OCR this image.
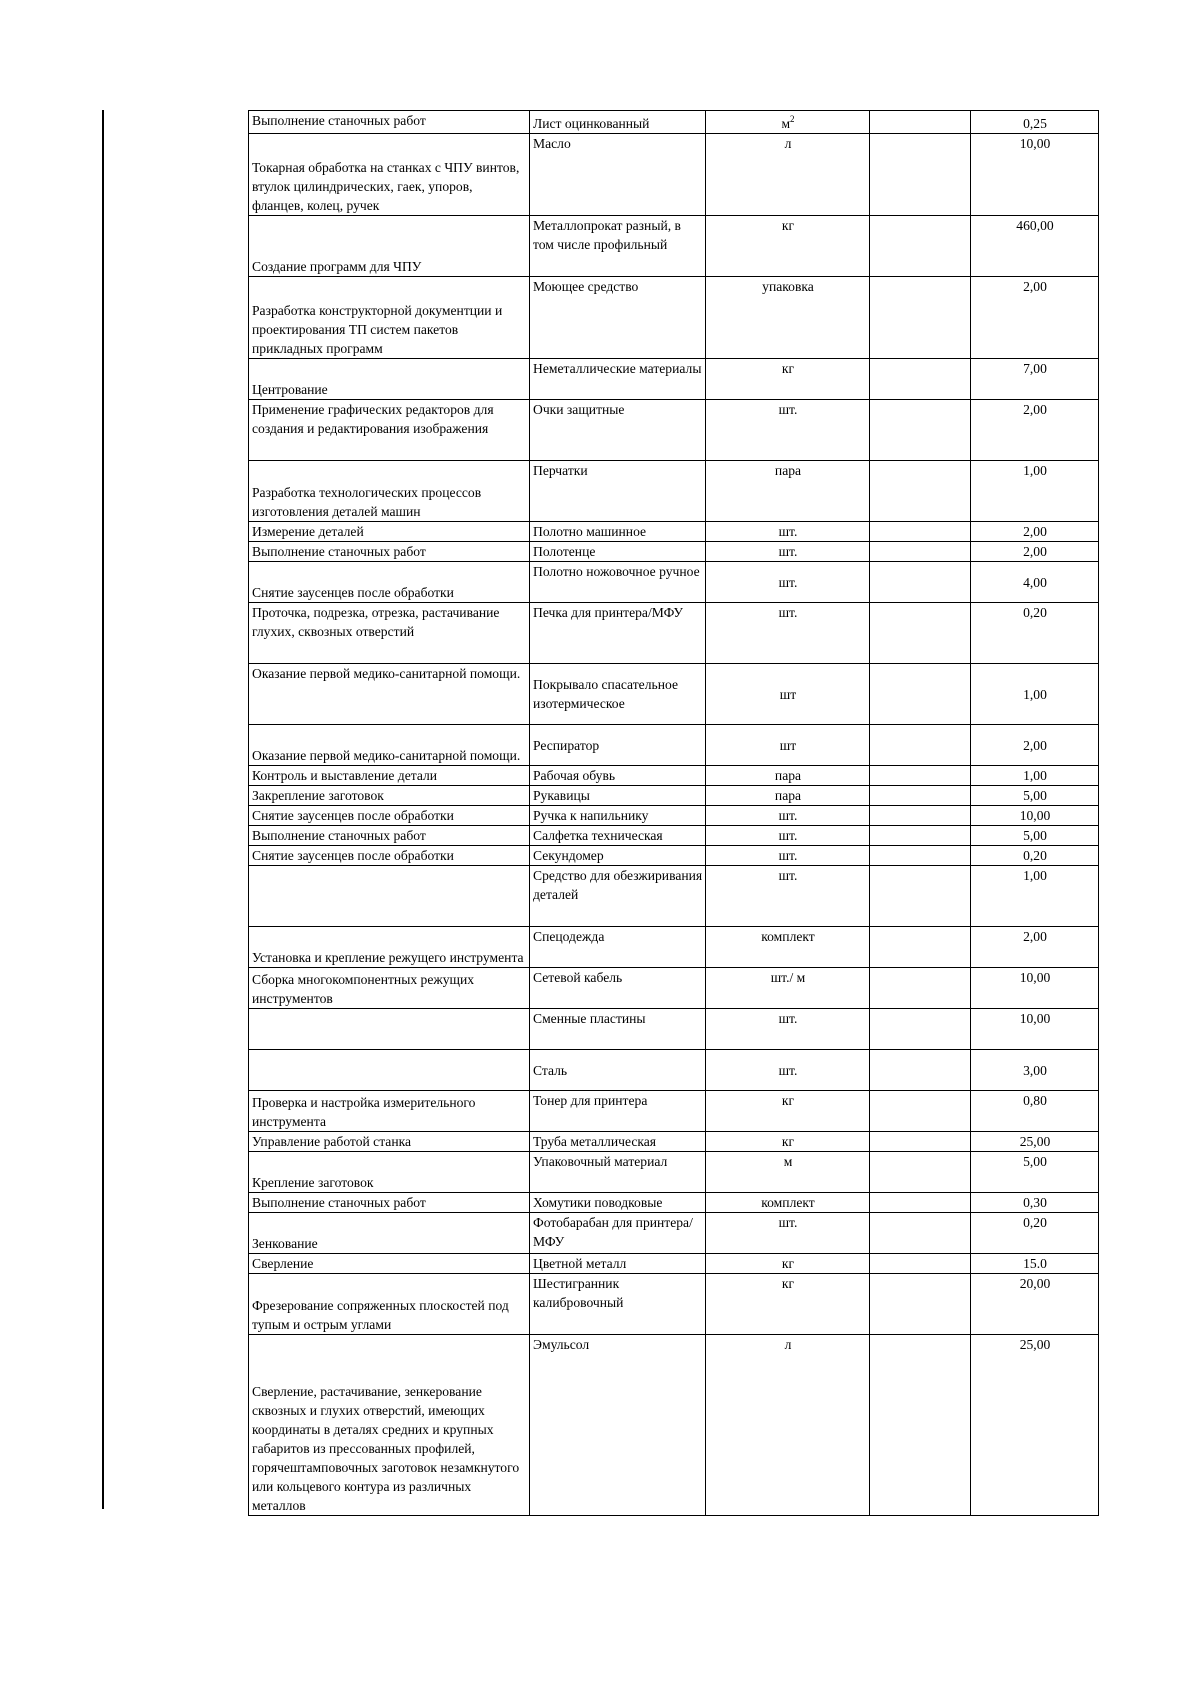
Выполнение станочных работ	Лист оцинкованный	$м^2$		0,25
Токарная обработка на станках с ЧПУ винтов, втулок цилиндрических, гаек, упоров, фланцев, колец, ручек	Масло	л		10,00
Создание программ для ЧПУ	Металлопрокат разный, в том числе профильный	кг		460,00
Разработка конструкторной документции и проектирования ТП систем пакетов прикладных программ	Моющее средство	упаковка		2,00
Центрование	Неметаллические материалы	кг		7,00
Применение графических редакторов для создания и редактирования изображения	Очки защитные	шт.		2,00
Разработка технологических процессов изготовления деталей машин	Перчатки	пара		1,00
Измерение деталей	Полотно машинное	шт.		2,00
Выполнение станочных работ	Полотенце	шт.		2,00
Снятие заусенцев после обработки	Полотно ножовочное ручное	шт.		4,00
Проточка, подрезка, отрезка, растачивание глухих, сквозных отверстий	Печка для принтера/МФУ	шт.		0,20
Оказание первой медико-санитарной помощи.	Покрывало спасательное изотермическое	шт		1,00
Оказание первой медико-санитарной помощи.	Респиратор	шт		2,00
Контроль и выставление детали	Рабочая обувь	пара		1,00
Закрепление заготовок	Рукавицы	пара		5,00
Снятие заусенцев после обработки	Ручка к напильнику	шт.		10,00
Выполнение станочных работ	Салфетка техническая	шт.		5,00
Снятие заусенцев после обработки	Секундомер	шт.		0,20
	Средство для обезжиривания деталей	шт.		1,00
Установка и крепление режущего инструмента	Спецодежда	комплект		2,00
Сборка многокомпонентных режущих инструментов	Сетевой кабель	шт./ м		10,00
	Сменные пластины	шт.		10,00
	Сталь	шт.		3,00
Проверка и настройка измерительного инструмента	Тонер для принтера	кг		0,80
Управление работой станка	Труба металлическая	кг		25,00
Крепление заготовок	Упаковочный материал	м		5,00
Выполнение станочных работ	Хомутики поводковые	комплект		0,30
Зенкование	Фотобарабан для принтера/МФУ	шт.		0,20
Сверление	Цветной металл	кг		15.0
Фрезерование сопряженных плоскостей под тупым и острым углами	Шестигранник калибровочный	кг		20,00
Сверление, растачивание, зенкерование сквозных и глухих отверстий, имеющих координаты в деталях средних и крупных габаритов из прессованных профилей, горячештамповочных заготовок незамкнутого или кольцевого контура из различных металлов	Эмульсол	л		25,00
